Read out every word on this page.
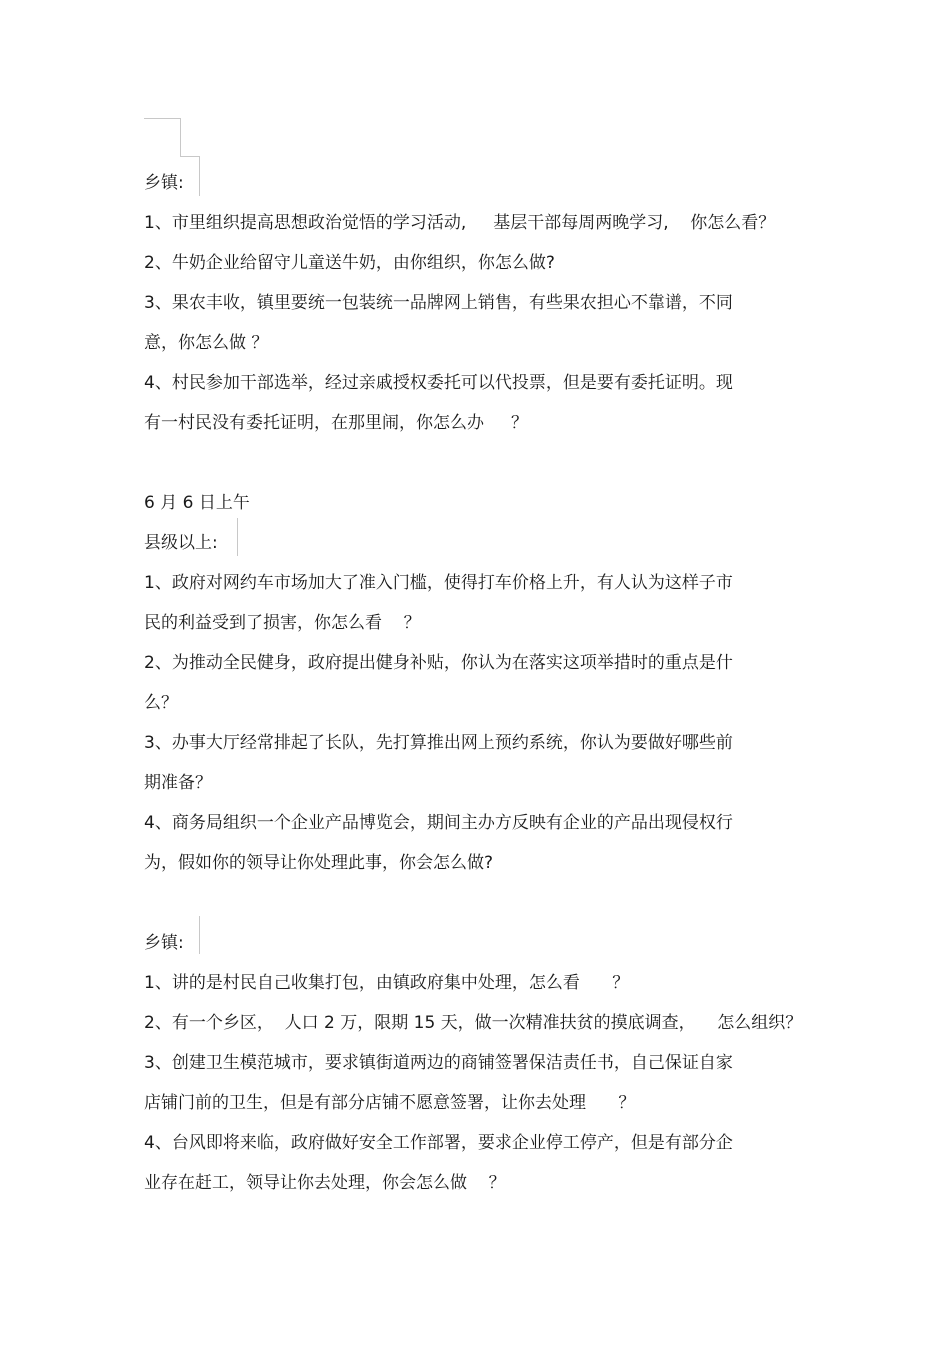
乡镇:
1、市里组织提高思想政治觉悟的学习活动,     基层干部每周两晚学习,    你怎么看？
2、牛奶企业给留守儿童送牛奶，由你组织，你怎么做?
3、果农丰收，镇里要统一包装统一品牌网上销售，有些果农担心不靠谱，不同
意，你怎么做 ？
4、村民参加干部选举，经过亲戚授权委托可以代投票，但是要有委托证明。现
有一村民没有委托证明，在那里闹，你怎么办     ？
6 月 6 日上午
县级以上:
1、政府对网约车市场加大了准入门槛，使得打车价格上升，有人认为这样子市
民的利益受到了损害，你怎么看    ？
2、为推动全民健身，政府提出健身补贴，你认为在落实这项举措时的重点是什
么？
3、办事大厅经常排起了长队，先打算推出网上预约系统，你认为要做好哪些前
期准备？
4、商务局组织一个企业产品博览会，期间主办方反映有企业的产品出现侵权行
为，假如你的领导让你处理此事，你会怎么做?
乡镇:
1、讲的是村民自己收集打包，由镇政府集中处理，怎么看      ？
2、有一个乡区，  人口 2 万，限期 15 天，做一次精准扶贫的摸底调查，    怎么组织？
3、创建卫生模范城市，要求镇街道两边的商铺签署保洁责任书，自己保证自家
店铺门前的卫生，但是有部分店铺不愿意签署，让你去处理      ？
4、台风即将来临，政府做好安全工作部署，要求企业停工停产，但是有部分企
业存在赶工，领导让你去处理，你会怎么做    ？
